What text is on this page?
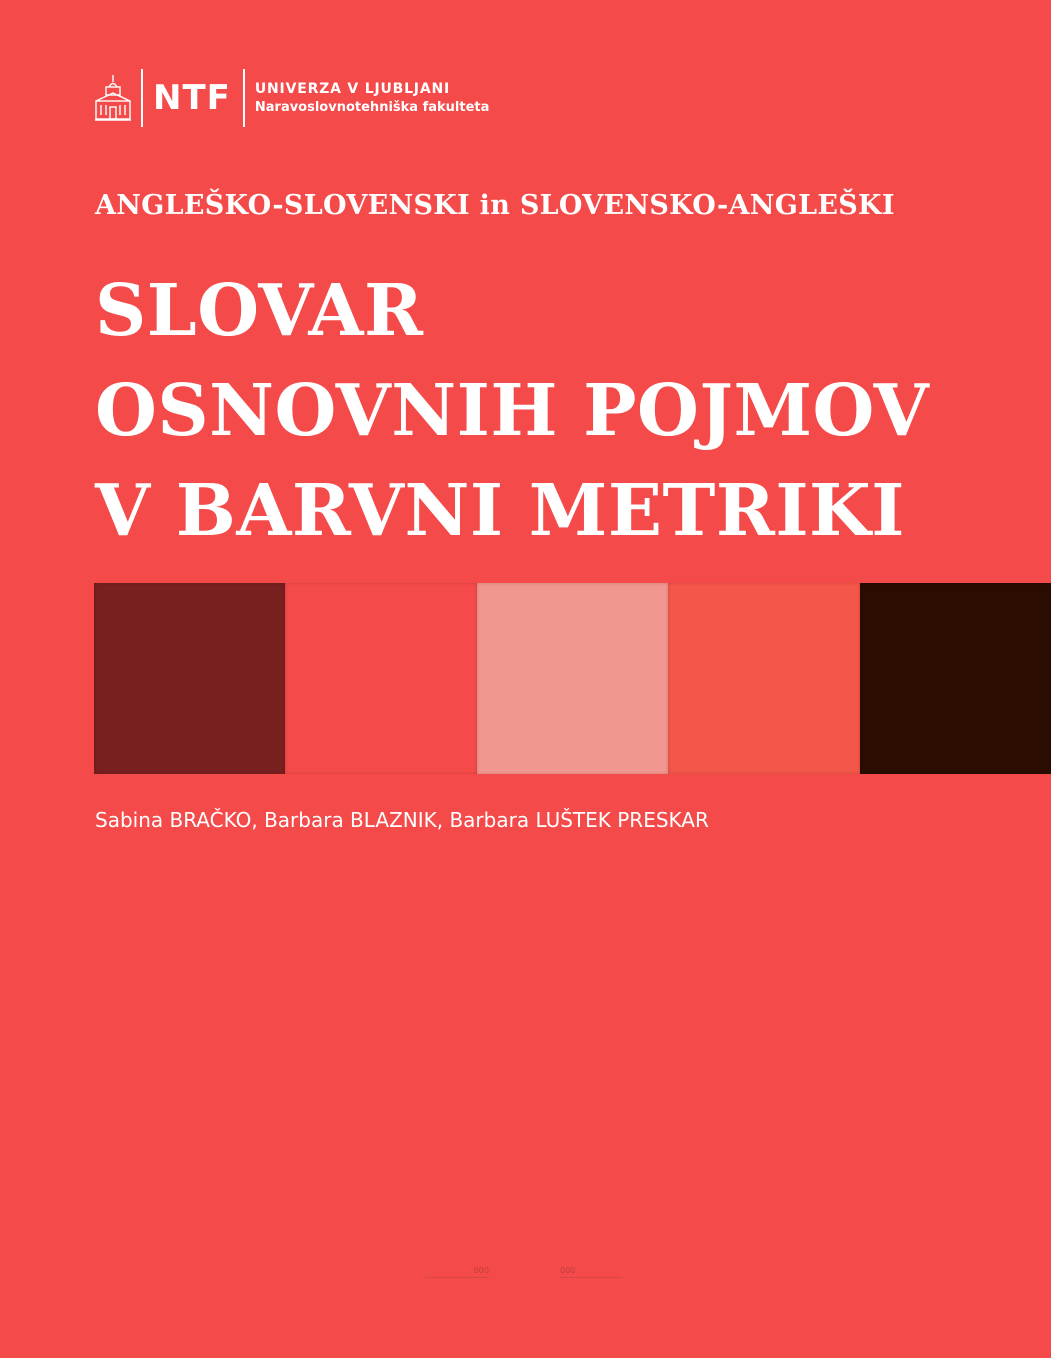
NTF	UNIVERZA V LJUBLJANI
Naravoslovnotehniška fakulteta
ANGLEŠKO-SLOVENSKI in SLOVENSKO-ANGLEŠKI
SLOVAR
OSNOVNIH POJMOV
V BARVNI METRIKI
Sabina BRAČKO, Barbara BLAZNIK, Barbara LUŠTEK PRESKAR
000	000
